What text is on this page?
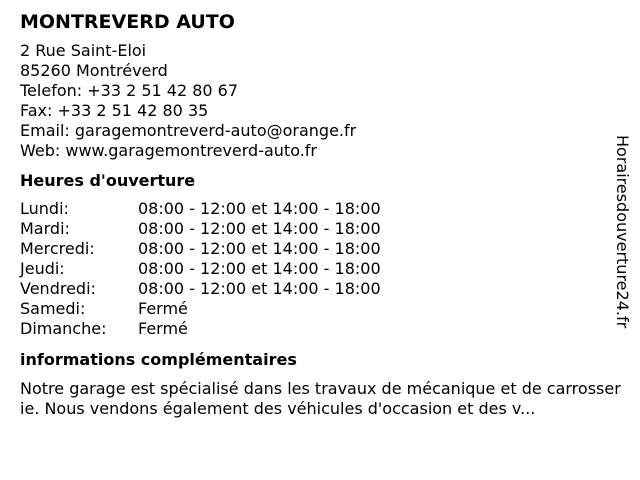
MONTREVERD AUTO
2 Rue Saint-Eloi
85260 Montréverd
Telefon: +33 2 51 42 80 67
Fax: +33 2 51 42 80 35
Email: garagemontreverd-auto@orange.fr
Web: www.garagemontreverd-auto.fr
Heures d'ouverture
Lundi:	08:00 - 12:00 et 14:00 - 18:00
Mardi:	08:00 - 12:00 et 14:00 - 18:00
Mercredi:	08:00 - 12:00 et 14:00 - 18:00
Jeudi:	08:00 - 12:00 et 14:00 - 18:00
Vendredi:	08:00 - 12:00 et 14:00 - 18:00
Samedi:	Fermé
Dimanche:	Fermé
informations complémentaires
Notre garage est spécialisé dans les travaux de mécanique et de carrosserie. Nous vendons également des véhicules d'occasion et des v...
Horairesdouverture24.fr
